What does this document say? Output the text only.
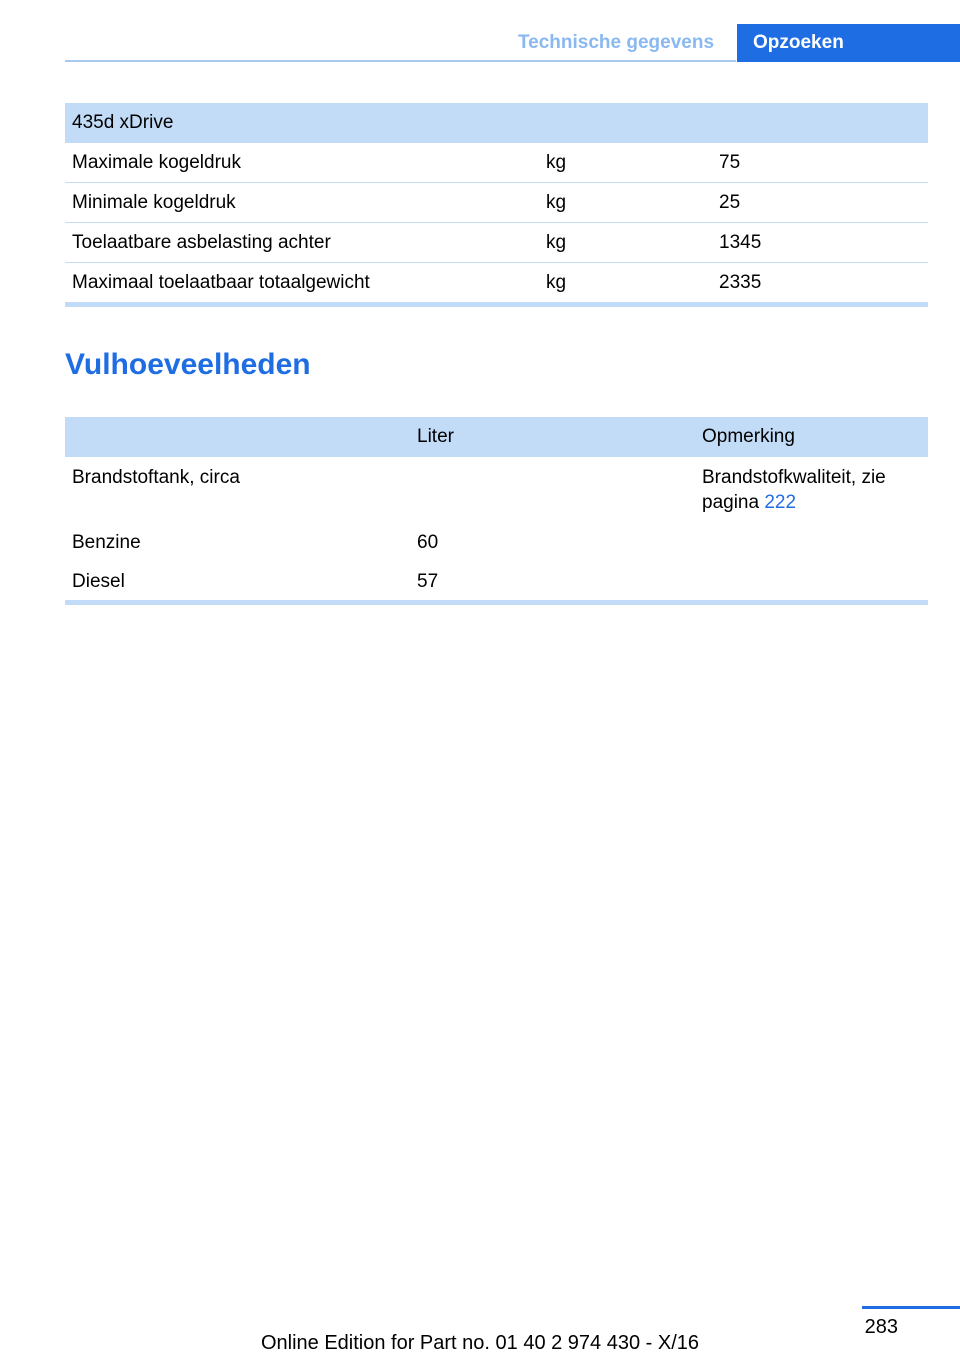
Technische gegevens	Opzoeken
435d xDrive		
Maximale kogeldruk	kg	75
Minimale kogeldruk	kg	25
Toelaatbare asbelasting achter	kg	1345
Maximaal toelaatbaar totaalgewicht	kg	2335
Vulhoeveelheden
	Liter	Opmerking
Brandstoftank, circa		Brandstofkwaliteit, zie pagina 222
Benzine	60	
Diesel	57	
283
Online Edition for Part no. 01 40 2 974 430 - X/16
